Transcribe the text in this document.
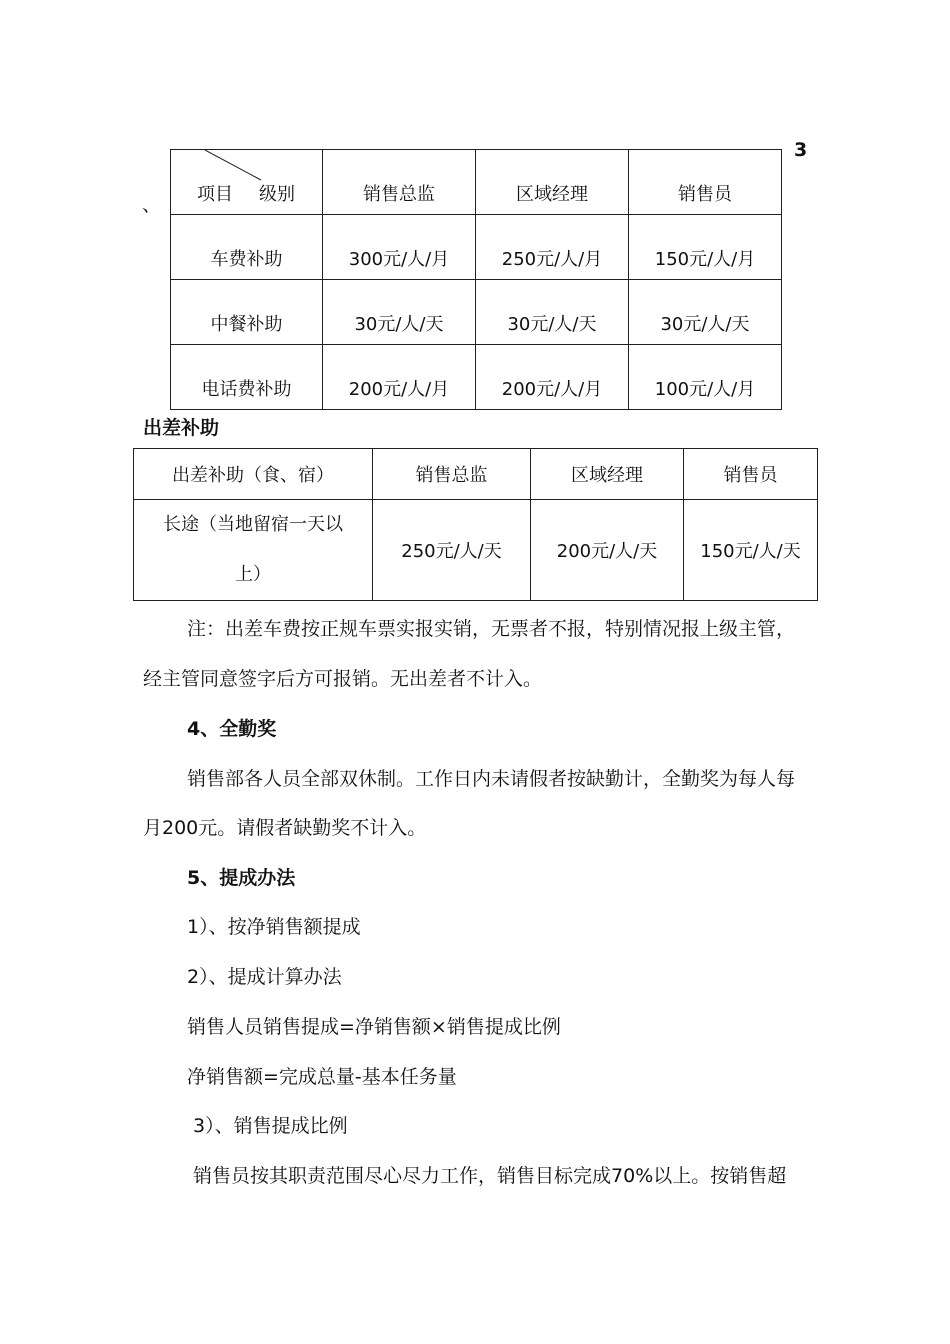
3
、 项目 级别	销售总监	区域经理	销售员
车费补助	300元/人/月	250元/人/月	150元/人/月
中餐补助	30元/人/天	30元/人/天	30元/人/天
电话费补助	200元/人/月	200元/人/月	100元/人/月
出差补助
出差补助（食、宿）	销售总监	区域经理	销售员

长途（当地留宿一天以
上）	250元/人/天	200元/人/天	150元/人/天

注：出差车费按正规车票实报实销，无票者不报，特别情况报上级主管，

经主管同意签字后方可报销。无出差者不计入。

4、全勤奖

销售部各人员全部双休制。工作日内未请假者按缺勤计，全勤奖为每人每

月200元。请假者缺勤奖不计入。

5、提成办法

1）、按净销售额提成

2）、提成计算办法

销售人员销售提成=净销售额×销售提成比例

净销售额=完成总量-基本任务量

3）、销售提成比例

销售员按其职责范围尽心尽力工作，销售目标完成70%以上。按销售超
